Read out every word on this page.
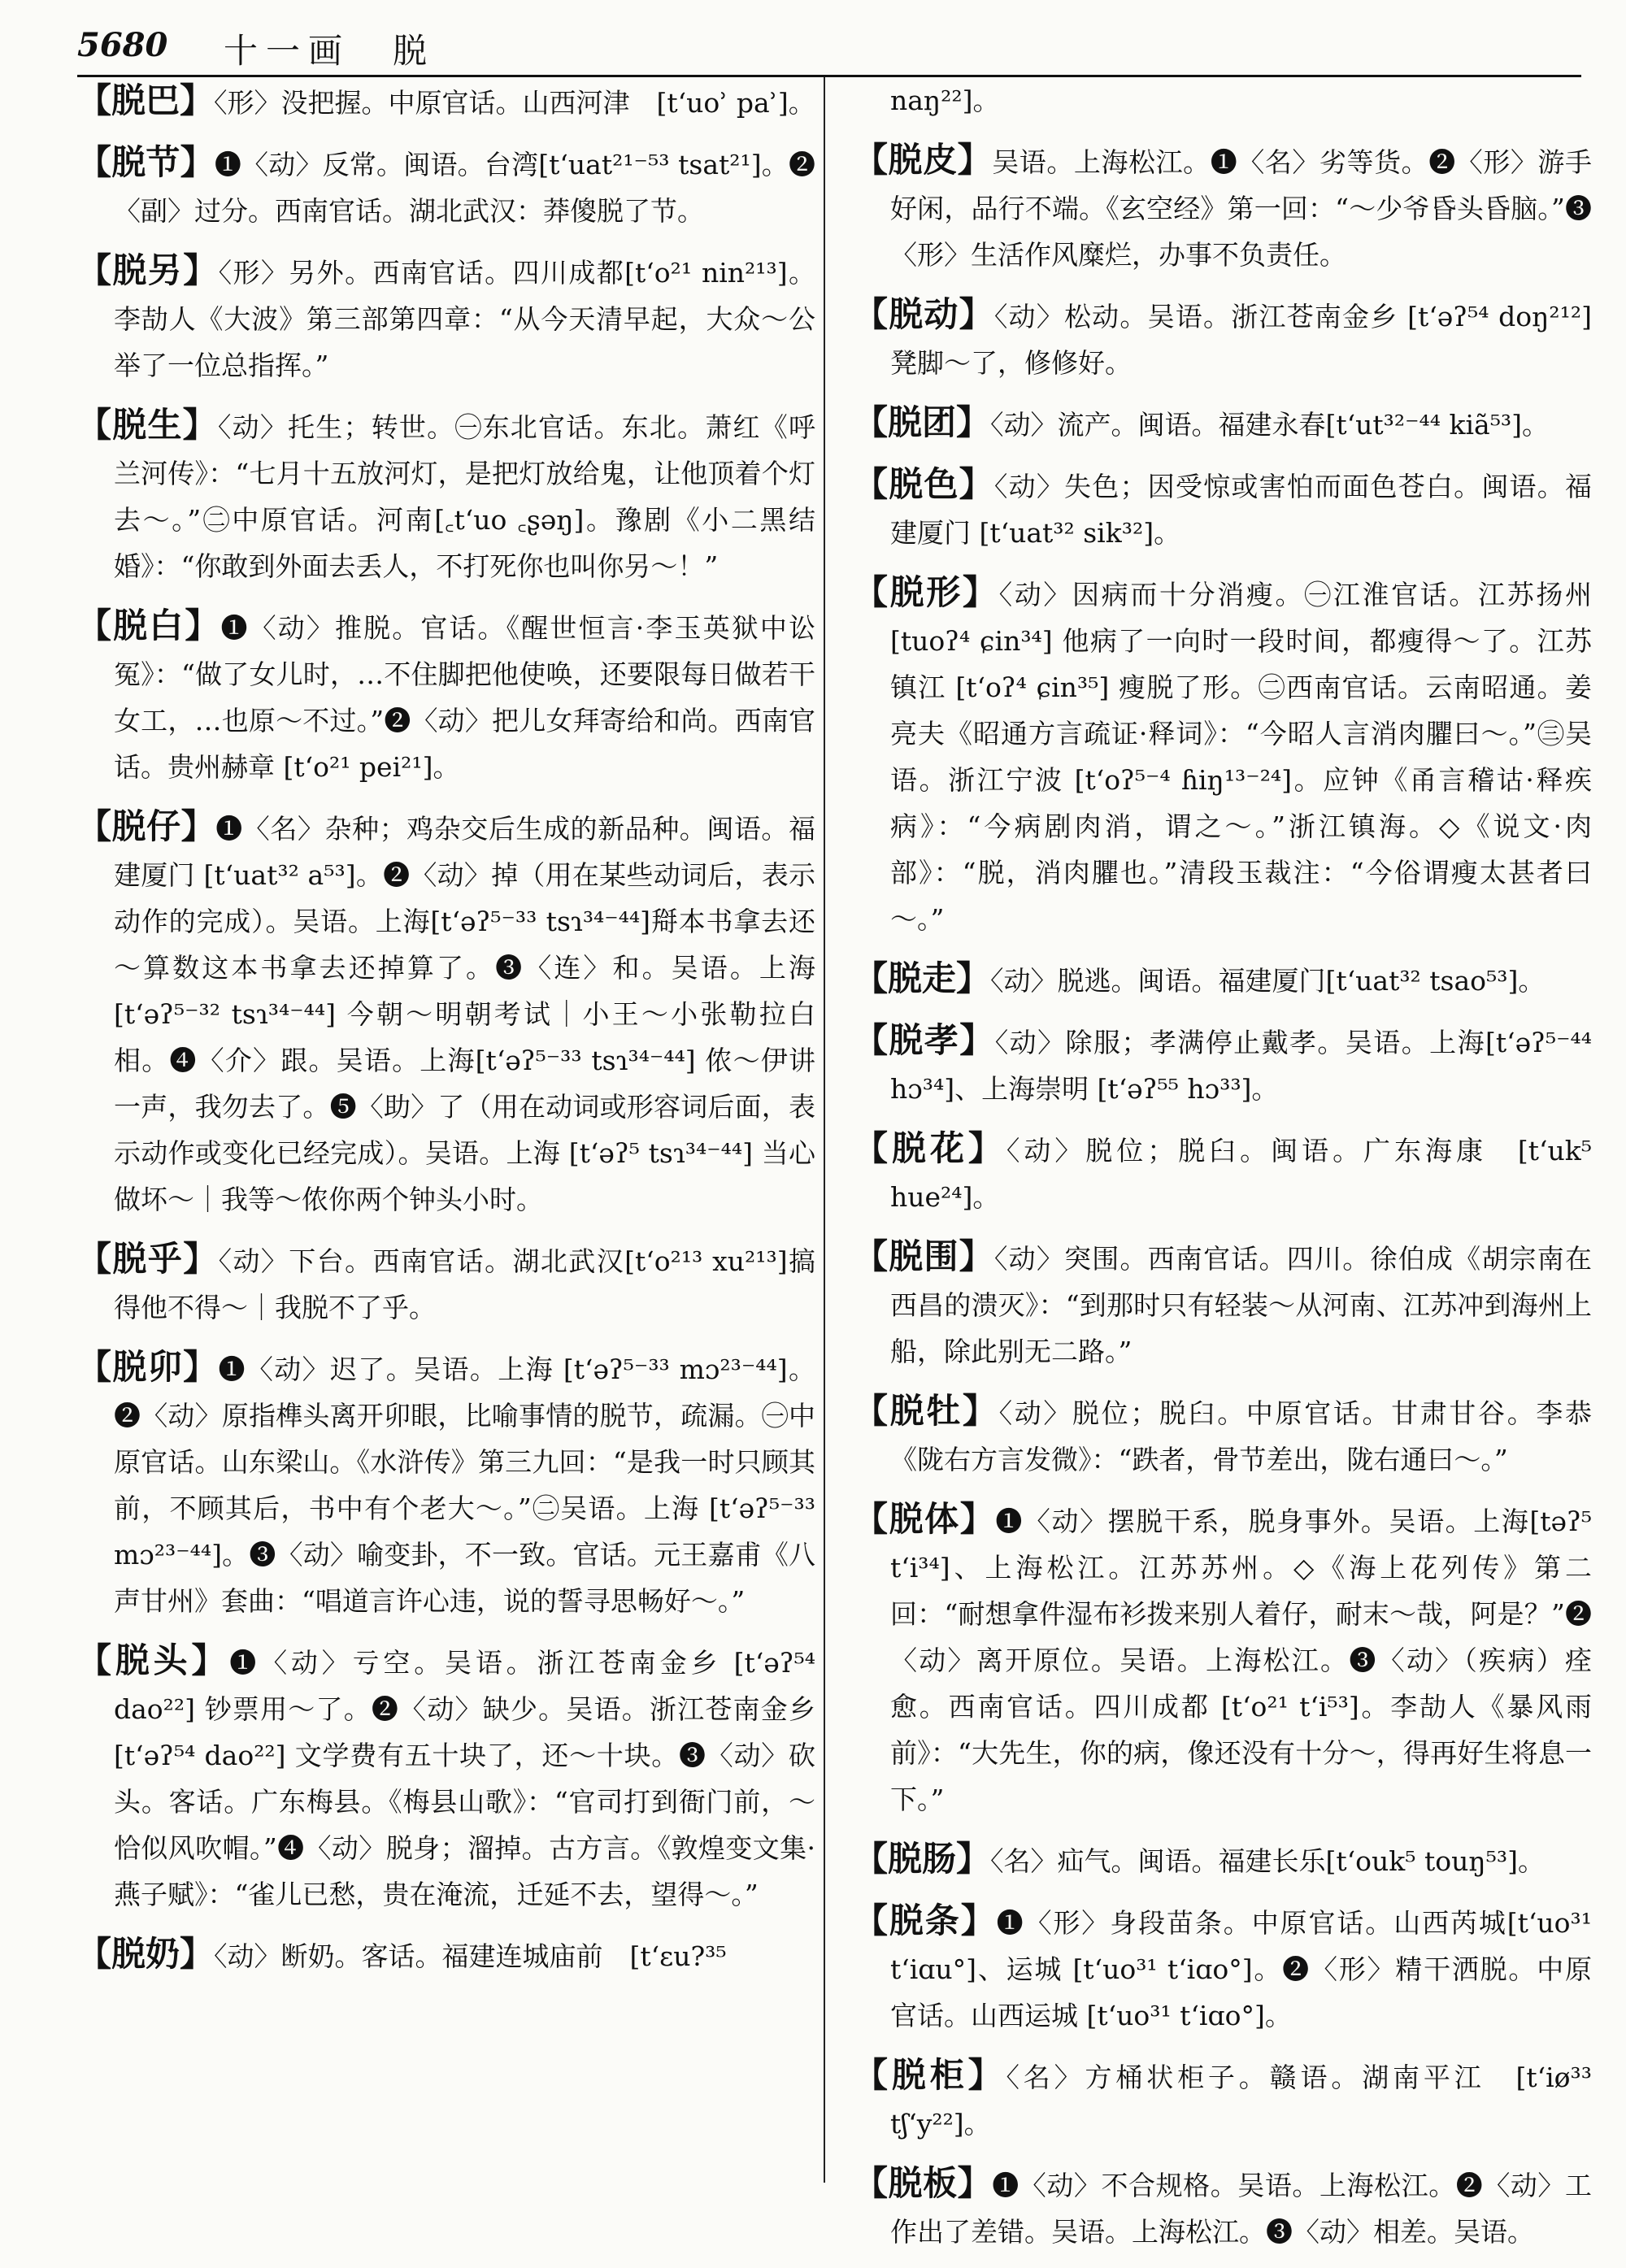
5680 十一画　脱

【脱巴】〈形〉没把握。中原官话。山西河津　[tʻuoʾ paʾ]。

【脱节】❶〈动〉反常。闽语。台湾[tʻuat²¹⁻⁵³ tsat²¹]。❷〈副〉过分。西南官话。湖北武汉：莽傻脱了节。

【脱另】〈形〉另外。西南官话。四川成都[tʻo²¹ nin²¹³]。李劼人《大波》第三部第四章：“从今天清早起，大众～公举了一位总指挥。”

【脱生】〈动〉托生；转世。㊀东北官话。东北。萧红《呼兰河传》：“七月十五放河灯，是把灯放给鬼，让他顶着个灯去～。”㊁中原官话。河南[꜀tʻuo ꜀ʂəŋ]。豫剧《小二黑结婚》：“你敢到外面去丢人，不打死你也叫你另～！”

【脱白】❶〈动〉推脱。官话。《醒世恒言·李玉英狱中讼冤》：“做了女儿时，…不住脚把他使唤，还要限每日做若干女工，…也原～不过。”❷〈动〉把儿女拜寄给和尚。西南官话。贵州赫章 [tʻo²¹ pei²¹]。

【脱仔】❶〈名〉杂种；鸡杂交后生成的新品种。闽语。福建厦门 [tʻuat³² a⁵³]。❷〈动〉掉（用在某些动词后，表示动作的完成）。吴语。上海[tʻəʔ⁵⁻³³ tsɿ³⁴⁻⁴⁴]搿本书拿去还～算数这本书拿去还掉算了。❸〈连〉和。吴语。上海 [tʻəʔ⁵⁻³² tsɿ³⁴⁻⁴⁴] 今朝～明朝考试｜小王～小张勒拉白相。❹〈介〉跟。吴语。上海[tʻəʔ⁵⁻³³ tsɿ³⁴⁻⁴⁴] 侬～伊讲一声，我勿去了。❺〈助〉了（用在动词或形容词后面，表示动作或变化已经完成）。吴语。上海 [tʻəʔ⁵ tsɿ³⁴⁻⁴⁴] 当心做坏～｜我等～侬你两个钟头小时。

【脱乎】〈动〉下台。西南官话。湖北武汉[tʻo²¹³ xu²¹³]搞得他不得～｜我脱不了乎。

【脱卯】❶〈动〉迟了。吴语。上海 [tʻəʔ⁵⁻³³ mɔ²³⁻⁴⁴]。❷〈动〉原指榫头离开卯眼，比喻事情的脱节，疏漏。㊀中原官话。山东梁山。《水浒传》第三九回：“是我一时只顾其前，不顾其后，书中有个老大～。”㊁吴语。上海 [tʻəʔ⁵⁻³³ mɔ²³⁻⁴⁴]。❸〈动〉喻变卦，不一致。官话。元王嘉甫《八声甘州》套曲：“唱道言许心违，说的誓寻思畅好～。”

【脱头】❶〈动〉亏空。吴语。浙江苍南金乡 [tʻəʔ⁵⁴ dao²²] 钞票用～了。❷〈动〉缺少。吴语。浙江苍南金乡 [tʻəʔ⁵⁴ dao²²] 文学费有五十块了，还～十块。❸〈动〉砍头。客话。广东梅县。《梅县山歌》：“官司打到衙门前，～恰似风吹帽。”❹〈动〉脱身；溜掉。古方言。《敦煌变文集·燕子赋》：“雀儿已愁，贵在淹流，迁延不去，望得～。”

【脱奶】〈动〉断奶。客话。福建连城庙前　[tʻɛu?³⁵

naŋ²²]。

【脱皮】吴语。上海松江。❶〈名〉劣等货。❷〈形〉游手好闲，品行不端。《玄空经》第一回：“～少爷昏头昏脑。”❸〈形〉生活作风糜烂，办事不负责任。

【脱动】〈动〉松动。吴语。浙江苍南金乡 [tʻəʔ⁵⁴ doŋ²¹²]凳脚～了，修修好。

【脱团】〈动〉流产。闽语。福建永春[tʻut³²⁻⁴⁴ kiã⁵³]。

【脱色】〈动〉失色；因受惊或害怕而面色苍白。闽语。福建厦门 [tʻuat³² sik³²]。

【脱形】〈动〉因病而十分消瘦。㊀江淮官话。江苏扬州[tuoʔ⁴ ɕin³⁴] 他病了一向时一段时间，都瘦得～了。江苏镇江 [tʻoʔ⁴ ɕin³⁵] 瘦脱了形。㊁西南官话。云南昭通。姜亮夫《昭通方言疏证·释词》：“今昭人言消肉臞曰～。”㊂吴语。浙江宁波 [tʻoʔ⁵⁻⁴ ɦiŋ¹³⁻²⁴]。应钟《甬言稽诂·释疾病》：“今病剧肉消，谓之～。”浙江镇海。◇《说文·肉部》：“脱，消肉臞也。”清段玉裁注：“今俗谓瘦太甚者曰～。”

【脱走】〈动〉脱逃。闽语。福建厦门[tʻuat³² tsao⁵³]。

【脱孝】〈动〉除服；孝满停止戴孝。吴语。上海[tʻəʔ⁵⁻⁴⁴ hɔ³⁴]、上海崇明 [tʻəʔ⁵⁵ hɔ³³]。

【脱花】〈动〉脱位；脱臼。闽语。广东海康　[tʻuk⁵ hue²⁴]。

【脱围】〈动〉突围。西南官话。四川。徐伯成《胡宗南在西昌的溃灭》：“到那时只有轻装～从河南、江苏冲到海州上船，除此别无二路。”

【脱牡】〈动〉脱位；脱臼。中原官话。甘肃甘谷。李恭《陇右方言发微》：“跌者，骨节差出，陇右通曰～。”

【脱体】❶〈动〉摆脱干系，脱身事外。吴语。上海[təʔ⁵ tʻi³⁴]、上海松江。江苏苏州。◇《海上花列传》第二回：“耐想拿件湿布衫拨来别人着仔，耐末～哉，阿是？”❷〈动〉离开原位。吴语。上海松江。❸〈动〉（疾病）痊愈。西南官话。四川成都 [tʻo²¹ tʻi⁵³]。李劼人《暴风雨前》：“大先生，你的病，像还没有十分～，得再好生将息一下。”

【脱肠】〈名〉疝气。闽语。福建长乐[tʻouk⁵ touŋ⁵³]。

【脱条】❶〈形〉身段苗条。中原官话。山西芮城[tʻuo³¹ tʻiɑu°]、运城 [tʻuo³¹ tʻiɑo°]。❷〈形〉精干洒脱。中原官话。山西运城 [tʻuo³¹ tʻiɑo°]。

【脱柜】〈名〉方桶状柜子。赣语。湖南平江　[tʻiø³³ tʃʻy²²]。

【脱板】❶〈动〉不合规格。吴语。上海松江。❷〈动〉工作出了差错。吴语。上海松江。❸〈动〉相差。吴语。
